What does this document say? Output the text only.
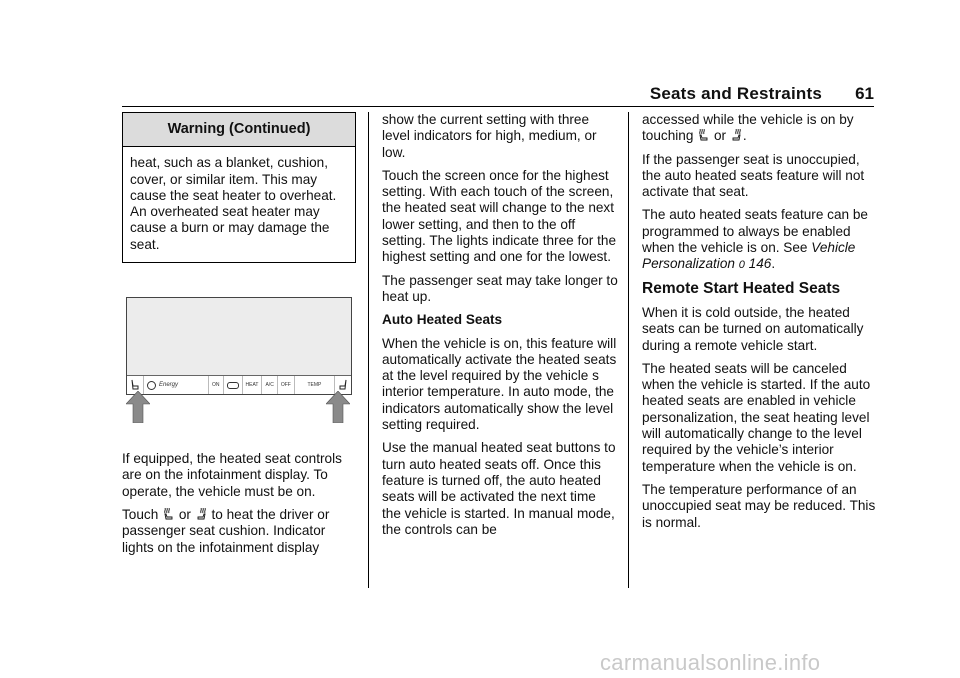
Seats and Restraints 61
Warning (Continued)
heat, such as a blanket, cushion, cover, or similar item. This may cause the seat heater to overheat. An overheated seat heater may cause a burn or may damage the seat.
Energy	ON	HEAT A/C OFF	TEMP

If equipped, the heated seat controls are on the infotainment display. To operate, the vehicle must be on.

Touch  or  to heat the driver or passenger seat cushion. Indicator lights on the infotainment display

show the current setting with three level indicators for high, medium, or low.

Touch the screen once for the highest setting. With each touch of the screen, the heated seat will change to the next lower setting, and then to the off setting. The lights indicate three for the highest setting and one for the lowest.

The passenger seat may take longer to heat up.

Auto Heated Seats

When the vehicle is on, this feature will automatically activate the heated seats at the level required by the vehicle s interior temperature. In auto mode, the indicators automatically show the level setting required.

Use the manual heated seat buttons to turn auto heated seats off. Once this feature is turned off, the auto heated seats will be activated the next time the vehicle is started. In manual mode, the controls can be

accessed while the vehicle is on by touching  or .

If the passenger seat is unoccupied, the auto heated seats feature will not activate that seat.

The auto heated seats feature can be programmed to always be enabled when the vehicle is on. See Vehicle Personalization 0 146.

Remote Start Heated Seats

When it is cold outside, the heated seats can be turned on automatically during a remote vehicle start.

The heated seats will be canceled when the vehicle is started. If the auto heated seats are enabled in vehicle personalization, the seat heating level will automatically change to the level required by the vehicle’s interior temperature when the vehicle is on.

The temperature performance of an unoccupied seat may be reduced. This is normal.

carmanualsonline.info
